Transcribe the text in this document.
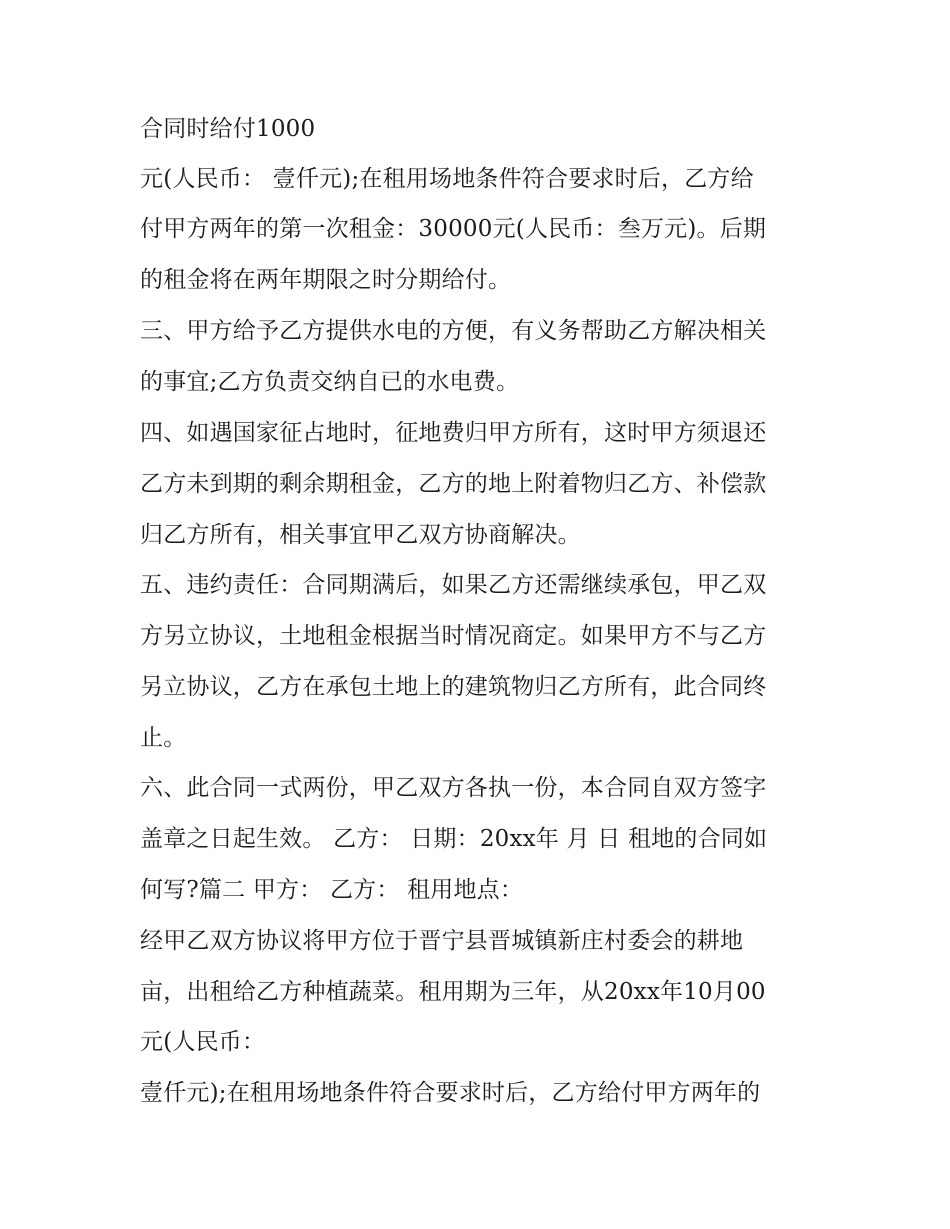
合同时给付1000
元(人民币： 壹仟元);在租用场地条件符合要求时后，乙方给
付甲方两年的第一次租金：30000元(人民币：叁万元)。后期
的租金将在两年期限之时分期给付。
三、甲方给予乙方提供水电的方便，有义务帮助乙方解决相关
的事宜;乙方负责交纳自已的水电费。
四、如遇国家征占地时，征地费归甲方所有，这时甲方须退还
乙方未到期的剩余期租金，乙方的地上附着物归乙方、补偿款
归乙方所有，相关事宜甲乙双方协商解决。
五、违约责任：合同期满后，如果乙方还需继续承包，甲乙双
方另立协议，土地租金根据当时情况商定。如果甲方不与乙方
另立协议，乙方在承包土地上的建筑物归乙方所有，此合同终
止。
六、此合同一式两份，甲乙双方各执一份，本合同自双方签字
盖章之日起生效。 乙方： 日期：20xx年 月 日 租地的合同如
何写?篇二 甲方： 乙方： 租用地点：
经甲乙双方协议将甲方位于晋宁县晋城镇新庄村委会的耕地
亩，出租给乙方种植蔬菜。租用期为三年，从20xx年10月00
元(人民币：
壹仟元);在租用场地条件符合要求时后，乙方给付甲方两年的
